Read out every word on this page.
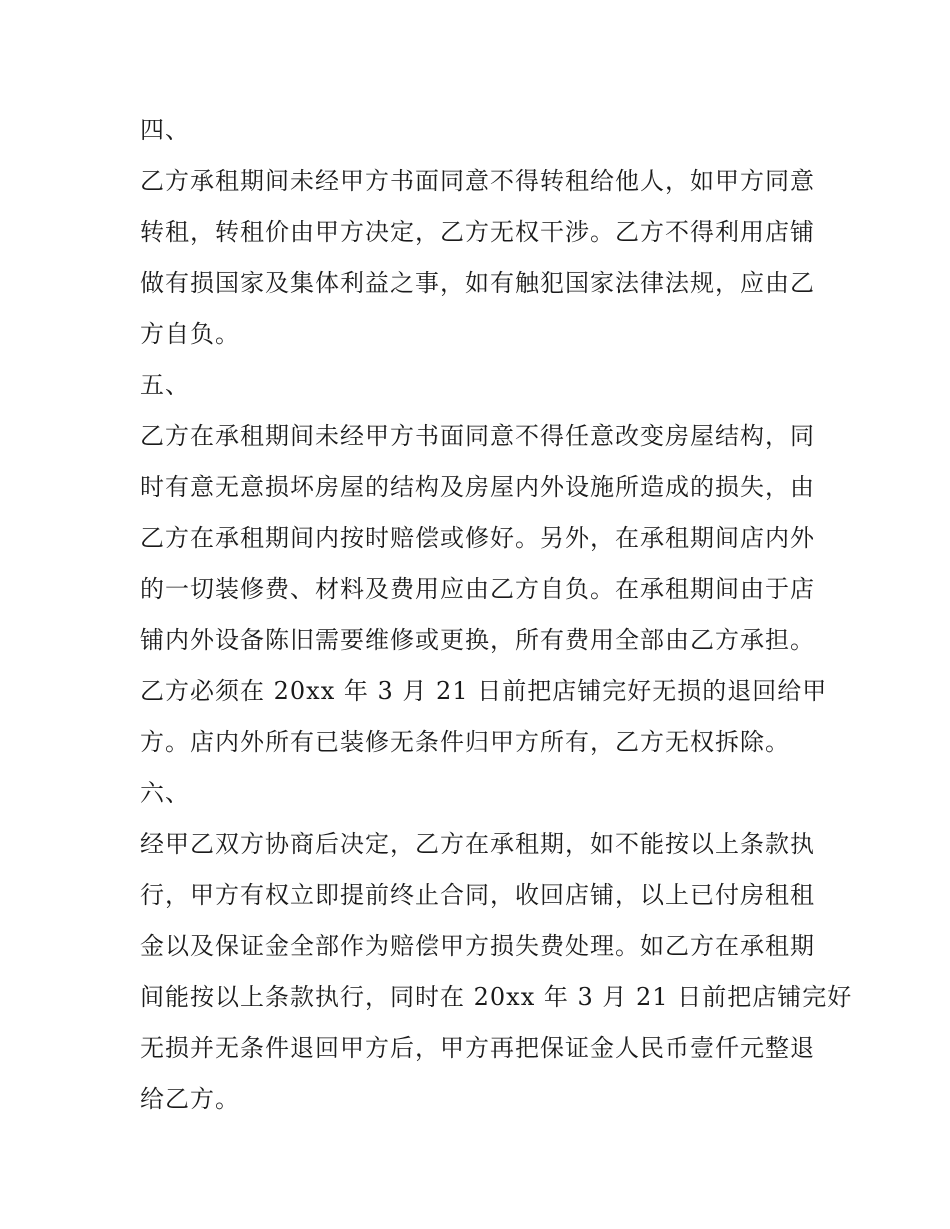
四、
乙方承租期间未经甲方书面同意不得转租给他人，如甲方同意
转租，转租价由甲方决定，乙方无权干涉。乙方不得利用店铺
做有损国家及集体利益之事，如有触犯国家法律法规，应由乙
方自负。
五、
乙方在承租期间未经甲方书面同意不得任意改变房屋结构，同
时有意无意损坏房屋的结构及房屋内外设施所造成的损失，由
乙方在承租期间内按时赔偿或修好。另外，在承租期间店内外
的一切装修费、材料及费用应由乙方自负。在承租期间由于店
铺内外设备陈旧需要维修或更换，所有费用全部由乙方承担。
乙方必须在 20xx 年 3 月 21 日前把店铺完好无损的退回给甲
方。店内外所有已装修无条件归甲方所有，乙方无权拆除。
六、
经甲乙双方协商后决定，乙方在承租期，如不能按以上条款执
行，甲方有权立即提前终止合同，收回店铺，以上已付房租租
金以及保证金全部作为赔偿甲方损失费处理。如乙方在承租期
间能按以上条款执行，同时在 20xx 年 3 月 21 日前把店铺完好
无损并无条件退回甲方后，甲方再把保证金人民币壹仟元整退
给乙方。
